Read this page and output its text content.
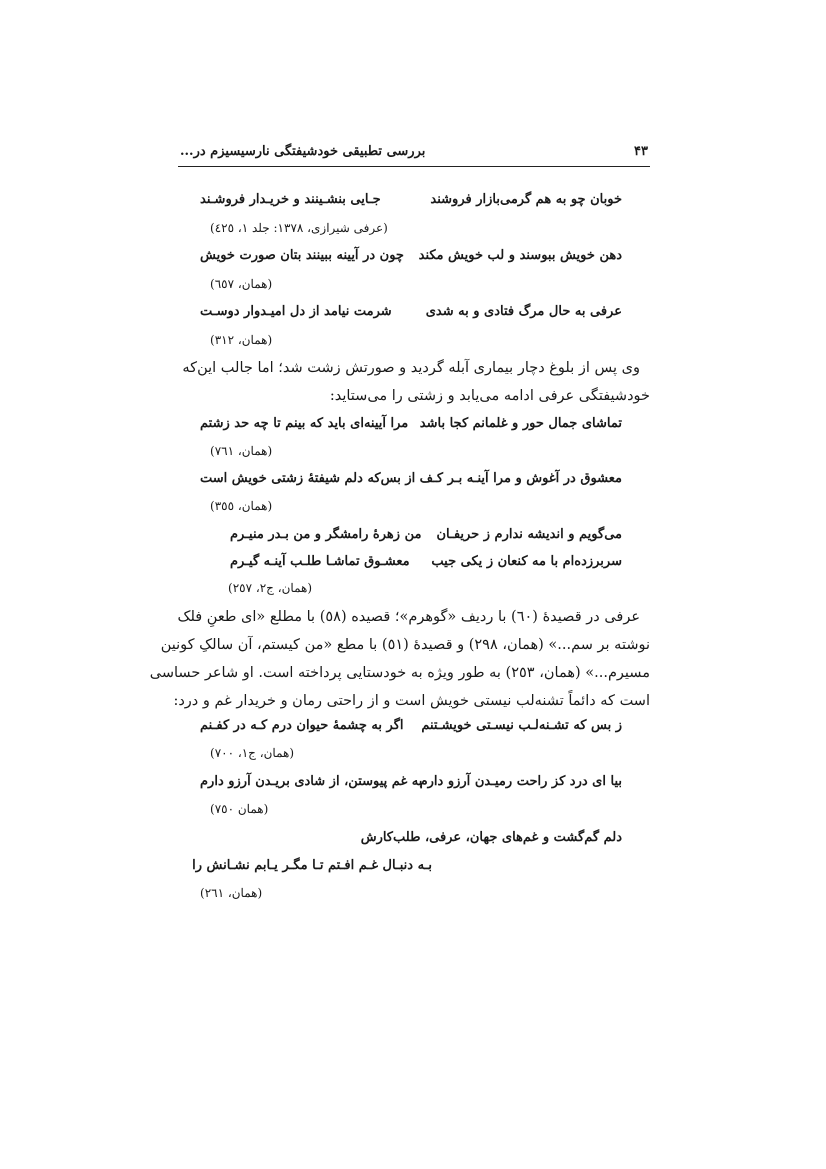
۴۳
بررسی تطبیقی خودشیفتگی نارسیسیزم در...
خوبان چو به هم گرمی‌بازار فروشند
جـایی بنشـینند و خریـدار فروشـند
(عرفی شیرازی، ۱۳۷۸: جلد ۱، ٤٢٥)
دهن خویش ببوسند و لب خویش مکند
چون در آیینه ببینند بتان صورت خویش
(همان، ٦٥٧)
عرفی به حال مرگ فتادی و به شدی
شرمت نیامد از دل امیـدوار دوسـت
(همان، ٣١٢)
وی پس از بلوغ دچار بیماری آبله گردید و صورتش زشت شد؛ اما جالب این‌که
خودشیفتگی عرفی ادامه می‌یابد و زشتی را می‌ستاید:
تماشای جمال حور و غلمانم کجا باشد
مرا آیینه‌ای باید که بینم تا چه حد زشتم
(همان، ٧٦١)
معشوق در آغوش و مرا آینـه بـر کـف
از بس‌که دلم شیفتهٔ زشتی خویش است
(همان، ٣٥٥)
می‌گویم و اندیشه ندارم ز حریفـان
من زهرهٔ رامشگر و من بـدر منیـرم
سربرزده‌ام با مه کنعان ز یکی جیب
معشـوق تماشـا طلـب آینـه گیـرم
(همان، ج۲، ٢٥٧)
عرفی در قصیدهٔ (٦٠) با ردیف «گوهرم»؛ قصیده (٥٨) با مطلع «ای طعنِ فلک
نوشته بر سم...» (همان، ٢٩٨) و قصیدهٔ (٥١) با مطع «من کیستم، آن سالکِ کونین
مسیرم...» (همان، ٢٥٣) به طور ویژه به خودستایی پرداخته است. او شاعر حساسی
است که دائماً تشنه‌لب نیستی خویش است و از راحتی رمان و خریدار غم و درد:
ز بس که تشـنه‌لـب نیسـتی خویشـتنم
اگر به چشمهٔ حیوان درم کـه در کفـنم
(همان، ج۱، ٧٠٠)
بیا ای درد کز راحت رمیـدن آرزو دارم
به غم پیوستن، از شادی بریـدن آرزو دارم
(همان ٧٥٠)
دلم گم‌گشت و غم‌های جهان، عرفی، طلب‌کارش
بـه دنبـال غـم افـتم تـا مگـر یـابم نشـانش را
(همان، ٢٦١)
